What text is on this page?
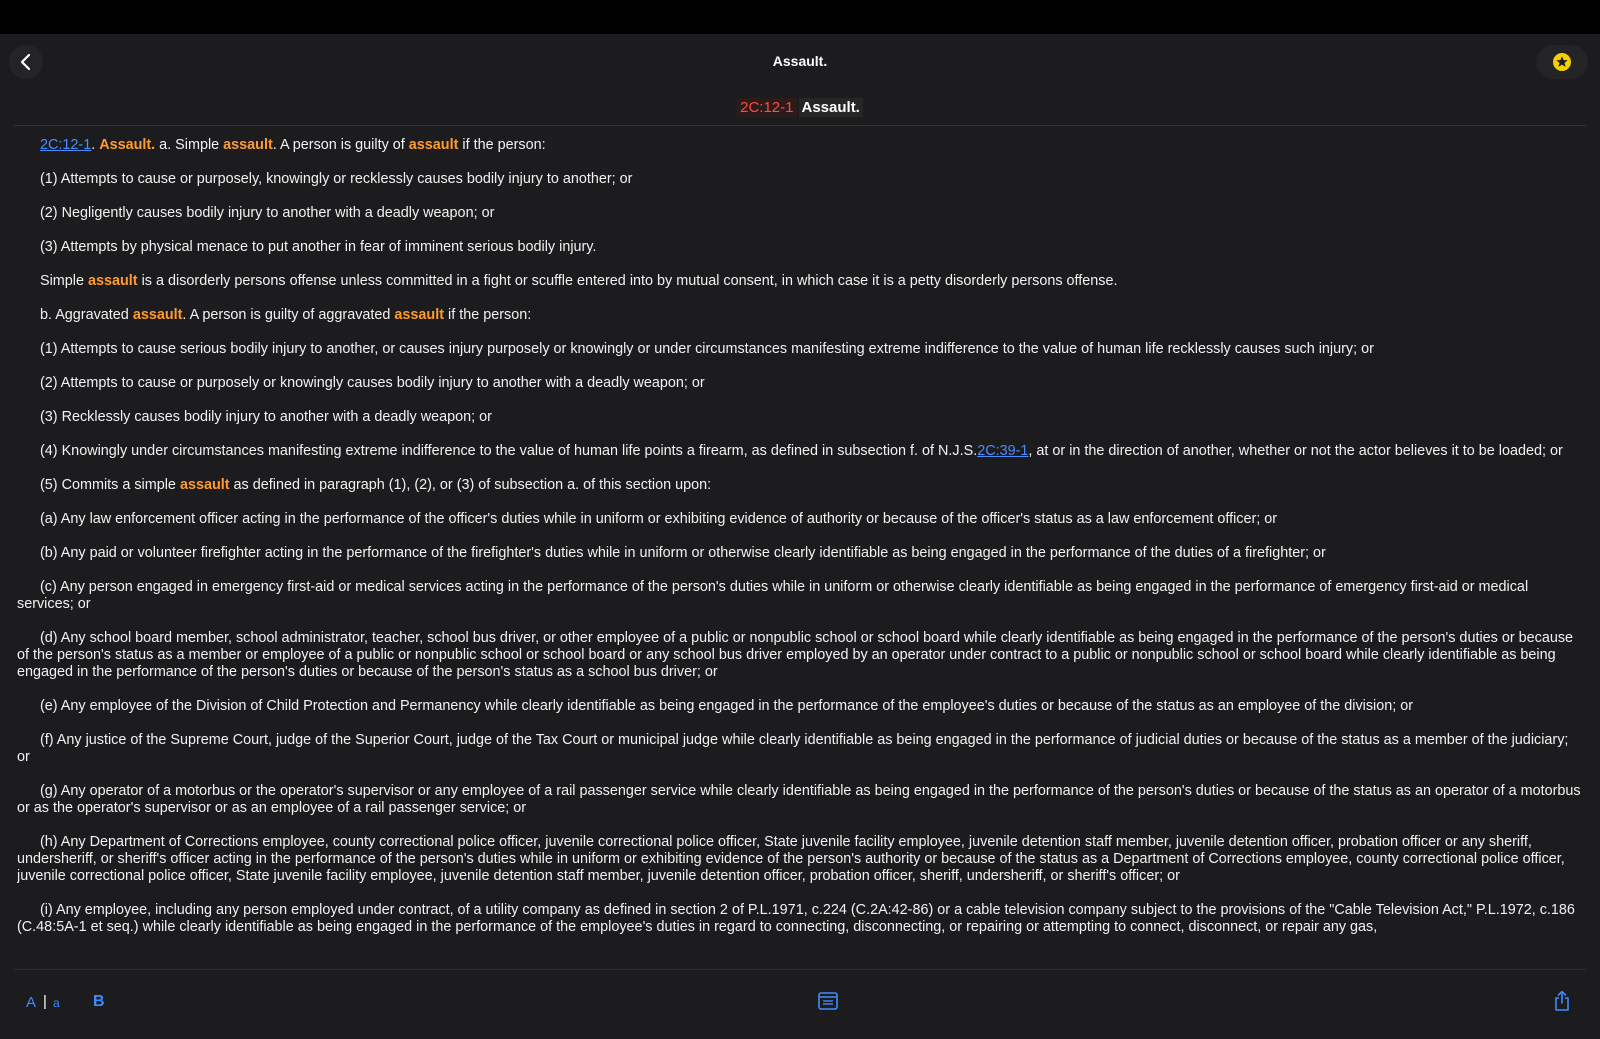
Assault.
2C:12-1 Assault.

2C:12-1. Assault. a. Simple assault. A person is guilty of assault if the person:

(1) Attempts to cause or purposely, knowingly or recklessly causes bodily injury to another; or

(2) Negligently causes bodily injury to another with a deadly weapon; or

(3) Attempts by physical menace to put another in fear of imminent serious bodily injury.

Simple assault is a disorderly persons offense unless committed in a fight or scuffle entered into by mutual consent, in which case it is a petty disorderly persons offense.

b. Aggravated assault. A person is guilty of aggravated assault if the person:

(1) Attempts to cause serious bodily injury to another, or causes injury purposely or knowingly or under circumstances manifesting extreme indifference to the value of human life recklessly causes such injury; or

(2) Attempts to cause or purposely or knowingly causes bodily injury to another with a deadly weapon; or

(3) Recklessly causes bodily injury to another with a deadly weapon; or

(4) Knowingly under circumstances manifesting extreme indifference to the value of human life points a firearm, as defined in subsection f. of N.J.S.2C:39-1, at or in the direction of another, whether or not the actor believes it to be loaded; or

(5) Commits a simple assault as defined in paragraph (1), (2), or (3) of subsection a. of this section upon:

(a) Any law enforcement officer acting in the performance of the officer's duties while in uniform or exhibiting evidence of authority or because of the officer's status as a law enforcement officer; or

(b) Any paid or volunteer firefighter acting in the performance of the firefighter's duties while in uniform or otherwise clearly identifiable as being engaged in the performance of the duties of a firefighter; or

(c) Any person engaged in emergency first-aid or medical services acting in the performance of the person's duties while in uniform or otherwise clearly identifiable as being engaged in the performance of emergency first-aid or medical services; or

(d) Any school board member, school administrator, teacher, school bus driver, or other employee of a public or nonpublic school or school board while clearly identifiable as being engaged in the performance of the person's duties or because of the person's status as a member or employee of a public or nonpublic school or school board or any school bus driver employed by an operator under contract to a public or nonpublic school or school board while clearly identifiable as being engaged in the performance of the person's duties or because of the person's status as a school bus driver; or

(e) Any employee of the Division of Child Protection and Permanency while clearly identifiable as being engaged in the performance of the employee's duties or because of the status as an employee of the division; or

(f) Any justice of the Supreme Court, judge of the Superior Court, judge of the Tax Court or municipal judge while clearly identifiable as being engaged in the performance of judicial duties or because of the status as a member of the judiciary; or

(g) Any operator of a motorbus or the operator's supervisor or any employee of a rail passenger service while clearly identifiable as being engaged in the performance of the person's duties or because of the status as an operator of a motorbus or as the operator's supervisor or as an employee of a rail passenger service; or

(h) Any Department of Corrections employee, county correctional police officer, juvenile correctional police officer, State juvenile facility employee, juvenile detention staff member, juvenile detention officer, probation officer or any sheriff, undersheriff, or sheriff's officer acting in the performance of the person's duties while in uniform or exhibiting evidence of the person's authority or because of the status as a Department of Corrections employee, county correctional police officer, juvenile correctional police officer, State juvenile facility employee, juvenile detention staff member, juvenile detention officer, probation officer, sheriff, undersheriff, or sheriff's officer; or

(i) Any employee, including any person employed under contract, of a utility company as defined in section 2 of P.L.1971, c.224 (C.2A:42-86) or a cable television company subject to the provisions of the "Cable Television Act," P.L.1972, c.186 (C.48:5A-1 et seq.) while clearly identifiable as being engaged in the performance of the employee's duties in regard to connecting, disconnecting, or repairing or attempting to connect, disconnect, or repair any gas,

A | a B
